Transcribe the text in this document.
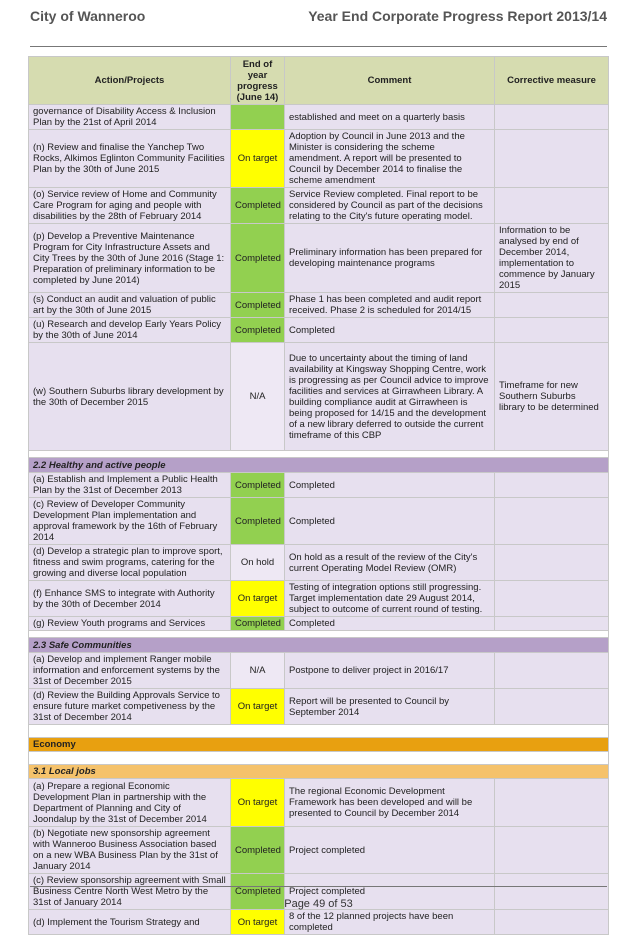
City of Wanneroo	Year End Corporate Progress Report 2013/14
Action/Projects	End of year progress (June 14)	Comment	Corrective measure
governance of Disability Access & Inclusion Plan by the 21st of April 2014		established and meet on a quarterly basis	
(n) Review and finalise the Yanchep Two Rocks, Alkimos Eglinton Community Facilities Plan by the 30th of June 2015	On target	Adoption by Council in June 2013 and the Minister is considering the scheme amendment. A report will be presented to Council by December 2014 to finalise the scheme amendment	
(o) Service review of Home and Community Care Program for aging and people with disabilities by the 28th of February 2014	Completed	Service Review completed. Final report to be considered by Council as part of the decisions relating to the City's future operating model.	
(p) Develop a Preventive Maintenance Program for City Infrastructure Assets and City Trees by the 30th of June 2016 (Stage 1: Preparation of preliminary information to be completed by June 2014)	Completed	Preliminary information has been prepared for developing maintenance programs	Information to be analysed by end of December 2014, implementation to commence by January 2015
(s) Conduct an audit and valuation of public art by the 30th of June 2015	Completed	Phase 1 has been completed and audit report received. Phase 2 is scheduled for 2014/15	
(u) Research and develop Early Years Policy by the 30th of June 2014	Completed	Completed	
(w) Southern Suburbs library development by the 30th of December 2015	N/A	Due to uncertainty about the timing of land availability at Kingsway Shopping Centre, work is progressing as per Council advice to improve facilities and services at Girrawheen Library. A building compliance audit at Girrawheen is being proposed for 14/15 and the development of a new library deferred to outside the current timeframe of this CBP	Timeframe for new Southern Suburbs library to be determined

2.2 Healthy and active people			
(a) Establish and Implement a Public Health Plan by the 31st of December 2013	Completed	Completed	
(c) Review of Developer Community Development Plan implementation and approval framework by the 16th of February 2014	Completed	Completed	
(d) Develop a strategic plan to improve sport, fitness and swim programs, catering for the growing and diverse local population	On hold	On hold as a result of the review of the City's current Operating Model Review (OMR)	
(f) Enhance SMS to integrate with Authority by the 30th of December 2014	On target	Testing of integration options still progressing. Target implementation date 29 August 2014, subject to outcome of current round of testing.	
(g) Review Youth programs and Services	Completed	Completed	

2.3 Safe Communities			
(a) Develop and implement Ranger mobile information and enforcement systems by the 31st of December 2015	N/A	Postpone to deliver project in 2016/17	
(d) Review the Building Approvals Service to ensure future market competiveness by the 31st of December 2014	On target	Report will be presented to Council by September 2014	

Economy			

3.1 Local jobs			
(a) Prepare a regional Economic Development Plan in partnership with the Department of Planning and City of Joondalup by the 31st of December 2014	On target	The regional Economic Development Framework has been developed and will be presented to Council by December 2014	
(b) Negotiate new sponsorship agreement with Wanneroo Business Association based on a new WBA Business Plan by the 31st of January 2014	Completed	Project completed	
(c) Review sponsorship agreement with Small Business Centre North West Metro by the 31st of January 2014	Completed	Project completed	
(d) Implement the Tourism Strategy and	On target	8 of the 12 planned projects have been completed	
Page 49 of 53
